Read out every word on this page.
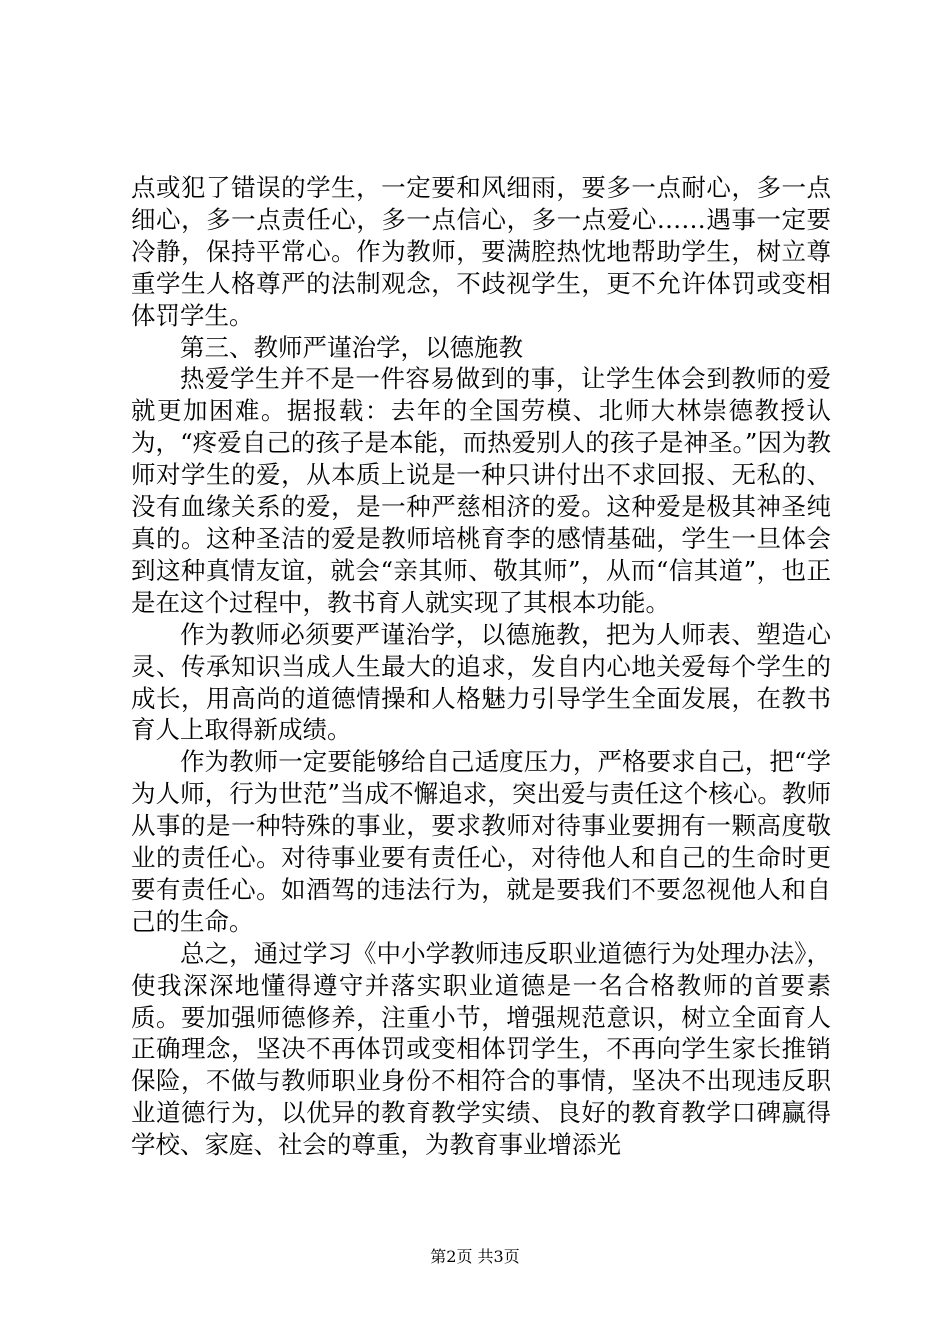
点或犯了错误的学生，一定要和风细雨，要多一点耐心，多一点细心，多一点责任心，多一点信心，多一点爱心……遇事一定要冷静，保持平常心。作为教师，要满腔热忱地帮助学生，树立尊重学生人格尊严的法制观念，不歧视学生，更不允许体罚或变相体罚学生。

第三、教师严谨治学，以德施教

热爱学生并不是一件容易做到的事，让学生体会到教师的爱就更加困难。据报载：去年的全国劳模、北师大林崇德教授认为，“疼爱自己的孩子是本能，而热爱别人的孩子是神圣。”因为教师对学生的爱，从本质上说是一种只讲付出不求回报、无私的、没有血缘关系的爱，是一种严慈相济的爱。这种爱是极其神圣纯真的。这种圣洁的爱是教师培桃育李的感情基础，学生一旦体会到这种真情友谊，就会“亲其师、敬其师”，从而“信其道”，也正是在这个过程中，教书育人就实现了其根本功能。

作为教师必须要严谨治学，以德施教，把为人师表、塑造心灵、传承知识当成人生最大的追求，发自内心地关爱每个学生的成长，用高尚的道德情操和人格魅力引导学生全面发展，在教书育人上取得新成绩。

作为教师一定要能够给自己适度压力，严格要求自己，把“学为人师，行为世范”当成不懈追求，突出爱与责任这个核心。教师从事的是一种特殊的事业，要求教师对待事业要拥有一颗高度敬业的责任心。对待事业要有责任心，对待他人和自己的生命时更要有责任心。如酒驾的违法行为，就是要我们不要忽视他人和自己的生命。

总之，通过学习《中小学教师违反职业道德行为处理办法》，使我深深地懂得遵守并落实职业道德是一名合格教师的首要素质。要加强师德修养，注重小节，增强规范意识，树立全面育人正确理念，坚决不再体罚或变相体罚学生，不再向学生家长推销保险，不做与教师职业身份不相符合的事情，坚决不出现违反职业道德行为，以优异的教育教学实绩、良好的教育教学口碑赢得学校、家庭、社会的尊重，为教育事业增添光

第2页 共3页
